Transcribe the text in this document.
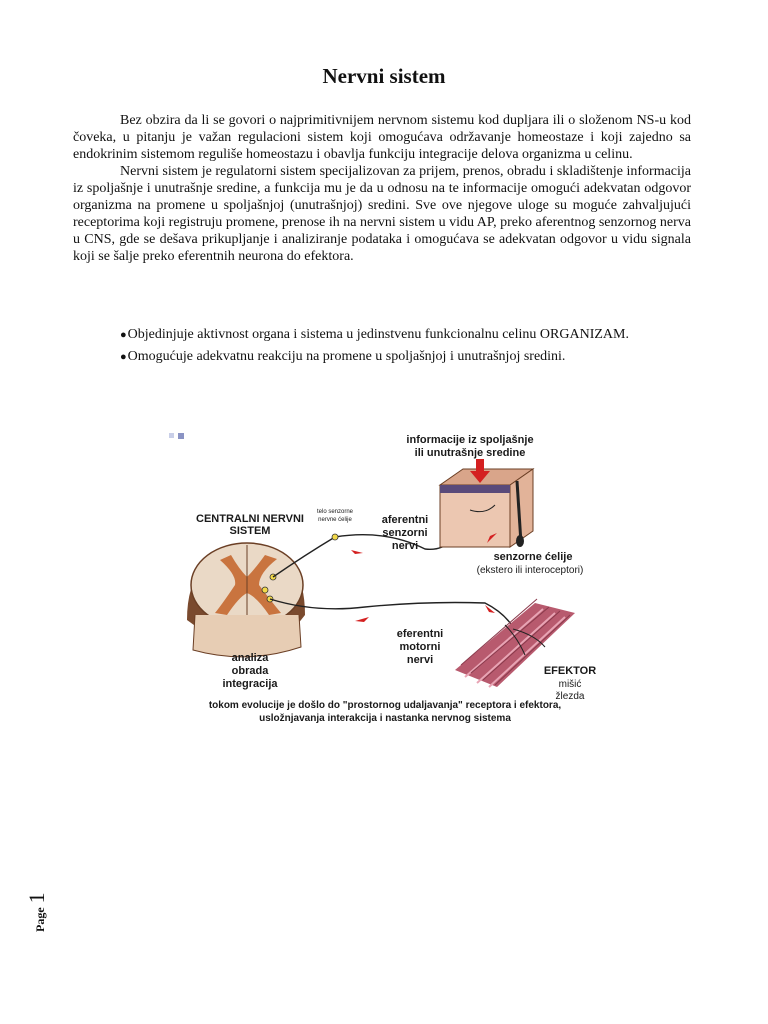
Nervni sistem

Bez obzira da li se govori o najprimitivnijem nervnom sistemu kod dupljara ili o složenom NS-u kod čoveka, u pitanju je važan regulacioni sistem koji omogućava održavanje homeostaze i koji zajedno sa endokrinim sistemom reguliše homeostazu i obavlja funkciju integracije delova organizma u celinu.

Nervni sistem je regulatorni sistem specijalizovan za prijem, prenos, obradu i skladištenje informacija iz spoljašnje i unutrašnje sredine, a funkcija mu je da u odnosu na te informacije omogući adekvatan odgovor organizma na promene u spoljašnjoj (unutrašnjoj) sredini. Sve ove njegove uloge su moguće zahvaljujući receptorima koji registruju promene, prenose ih na nervni sistem u vidu AP, preko aferentnog senzornog nerva u CNS, gde se dešava prikupljanje i analiziranje podataka i omogućava se adekvatan odgovor u vidu signala koji se šalje preko eferentnih neurona do efektora.

●Objedinjuje aktivnost organa i sistema u jedinstvenu funkcionalnu celinu ORGANIZAM.
●Omogućuje adekvatnu reakciju na promene u spoljašnjoj i unutrašnjoj sredini.
informacije iz spoljašnje
ili unutrašnje sredine
CENTRALNI NERVNI
SISTEM
telo senzorne
nervne ćelije	aferentni
senzorni
nervi
senzorne ćelije
(ekstero ili interoceptori)
eferentni
motorni
nervi
analiza
obrada
integracija
EFEKTOR
mišić
žlezda
tokom evolucije je došlo do "prostornog udaljavanja" receptora i efektora,
usložnjavanja interakcija i nastanka nervnog sistema
Page 1
